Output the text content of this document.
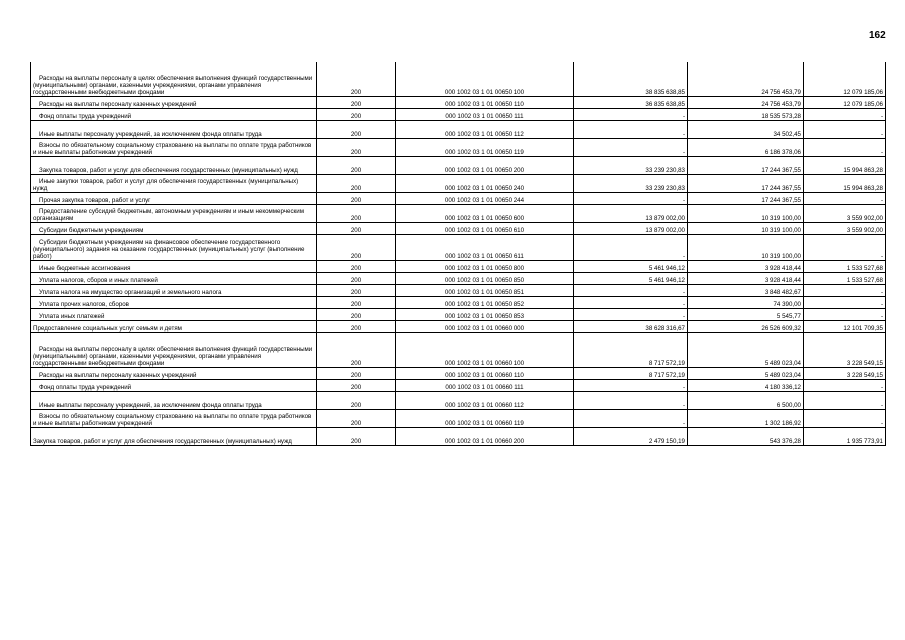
162
Расходы на выплаты персоналу в целях обеспечения выполнения функций государственными (муниципальными) органами, казенными учреждениями, органами управления государственными внебюджетными фондами	200	000 1002 03 1 01 00650 100	38 835 638,85	24 756 453,79	12 079 185,06
Расходы на выплаты персоналу казенных учреждений	200	000 1002 03 1 01 00650 110	36 835 638,85	24 756 453,79	12 079 185,06
Фонд оплаты труда учреждений	200	000 1002 03 1 01 00650 111	-	18 535 573,28	-
Иные выплаты персоналу учреждений, за исключением фонда оплаты труда	200	000 1002 03 1 01 00650 112	-	34 502,45	-
Взносы по обязательному социальному страхованию на выплаты по оплате труда работников и иные выплаты работникам учреждений	200	000 1002 03 1 01 00650 119	-	6 186 378,06	-
Закупка товаров, работ и услуг для обеспечения государственных (муниципальных) нужд	200	000 1002 03 1 01 00650 200	33 239 230,83	17 244 367,55	15 994 863,28
Иные закупки товаров, работ и услуг для обеспечения государственных (муниципальных) нужд	200	000 1002 03 1 01 00650 240	33 239 230,83	17 244 367,55	15 994 863,28
Прочая закупка товаров, работ и услуг	200	000 1002 03 1 01 00650 244	-	17 244 367,55	-
Предоставление субсидий бюджетным, автономным учреждениям и иным некоммерческим организациям	200	000 1002 03 1 01 00650 600	13 879 002,00	10 319 100,00	3 559 902,00
Субсидии бюджетным учреждениям	200	000 1002 03 1 01 00650 610	13 879 002,00	10 319 100,00	3 559 902,00
Субсидии бюджетным учреждениям на финансовое обеспечение государственного (муниципального) задания на оказание государственных (муниципальных) услуг (выполнение работ)	200	000 1002 03 1 01 00650 611	-	10 319 100,00	-
Иные бюджетные ассигнования	200	000 1002 03 1 01 00650 800	5 461 946,12	3 928 418,44	1 533 527,68
Уплата налогов, сборов и иных платежей	200	000 1002 03 1 01 00650 850	5 461 946,12	3 928 418,44	1 533 527,68
Уплата налога на имущество организаций и земельного налога	200	000 1002 03 1 01 00650 851	-	3 848 482,67	-
Уплата прочих налогов, сборов	200	000 1002 03 1 01 00650 852	-	74 390,00	-
Уплата иных платежей	200	000 1002 03 1 01 00650 853	-	5 545,77	-
Предоставление социальных услуг семьям и детям	200	000 1002 03 1 01 00660 000	38 628 316,67	26 526 609,32	12 101 709,35
Расходы на выплаты персоналу в целях обеспечения выполнения функций государственными (муниципальными) органами, казенными учреждениями, органами управления государственными внебюджетными фондами	200	000 1002 03 1 01 00660 100	8 717 572,19	5 489 023,04	3 228 549,15
Расходы на выплаты персоналу казенных учреждений	200	000 1002 03 1 01 00660 110	8 717 572,19	5 489 023,04	3 228 549,15
Фонд оплаты труда учреждений	200	000 1002 03 1 01 00660 111	-	4 180 336,12	-
Иные выплаты персоналу учреждений, за исключением фонда оплаты труда	200	000 1002 03 1 01 00660 112	-	6 500,00	-
Взносы по обязательному социальному страхованию на выплаты по оплате труда работников и иные выплаты работникам учреждений	200	000 1002 03 1 01 00660 119	-	1 302 186,92	-
Закупка товаров, работ и услуг для обеспечения государственных (муниципальных) нужд	200	000 1002 03 1 01 00660 200	2 479 150,19	543 376,28	1 935 773,91
